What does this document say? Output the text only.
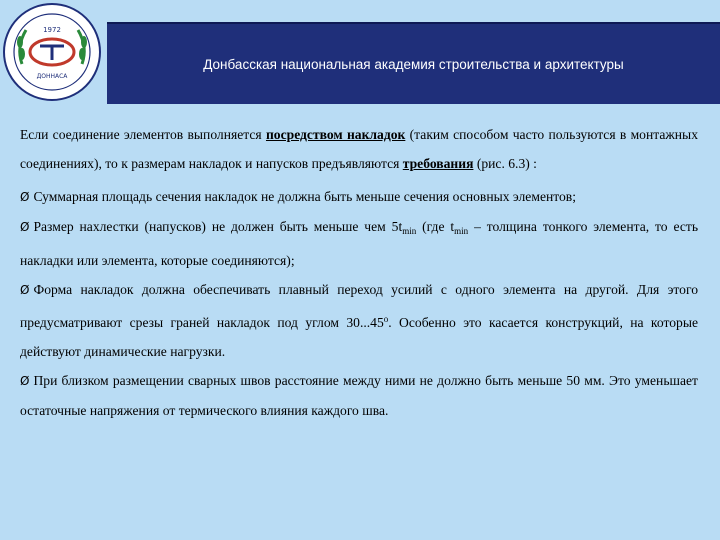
1972
ДОННАСА
Донбасская национальная академия строительства и архитектуры

Если соединение элементов выполняется посредством накладок (таким способом часто пользуются в монтажных соединениях), то к размерам накладок и напусков предъявляются требования (рис. 6.3) :

Ø Суммарная площадь сечения накладок не должна быть меньше сечения основных элементов;

Ø Размер нахлестки (напусков) не должен быть меньше чем $5t_{min}$ (где $t_{min}$ – толщина тонкого элемента, то есть накладки или элемента, которые соединяются);

Ø Форма накладок должна обеспечивать плавный переход усилий с одного элемента на другой. Для этого предусматривают срезы граней накладок под углом $30...45^о$. Особенно это касается конструкций, на которые действуют динамические нагрузки.

Ø При близком размещении сварных швов расстояние между ними не должно быть меньше 50 мм. Это уменьшает остаточные напряжения от термического влияния каждого шва.
